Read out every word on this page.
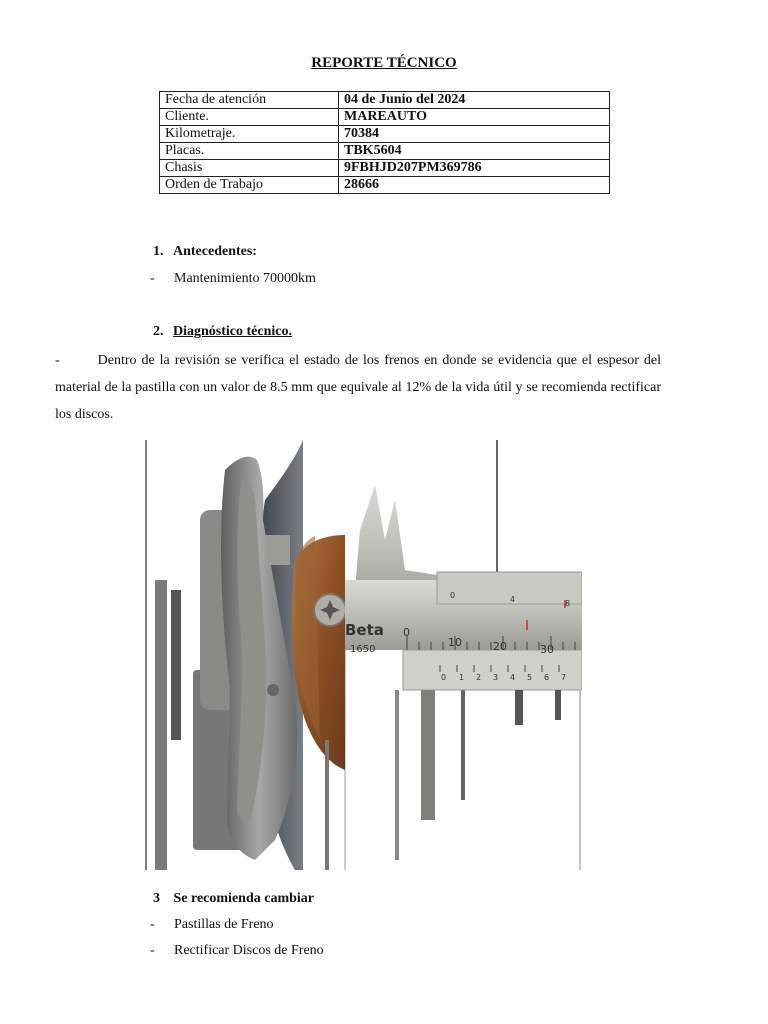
REPORTE TÉCNICO
Fecha de atención	04 de Junio del 2024
Cliente.	MAREAUTO
Kilometraje.	70384
Placas.	TBK5604
Chasis	9FBHJD207PM369786
Orden de Trabajo	28666
1. Antecedentes:
- Mantenimiento 70000km
2. Diagnóstico técnico.
-	Dentro de la revisión se verifica el estado de los frenos en donde se evidencia que el espesor del material de la pastilla con un valor de 8.5 mm que equivale al 12% de la vida útil y se recomienda rectificar los discos.
Beta
1650
0
10	20	30
0	4	8
0 1 2 3 4 5 6 7
3 Se recomienda cambiar
- Pastillas de Freno
- Rectificar Discos de Freno
